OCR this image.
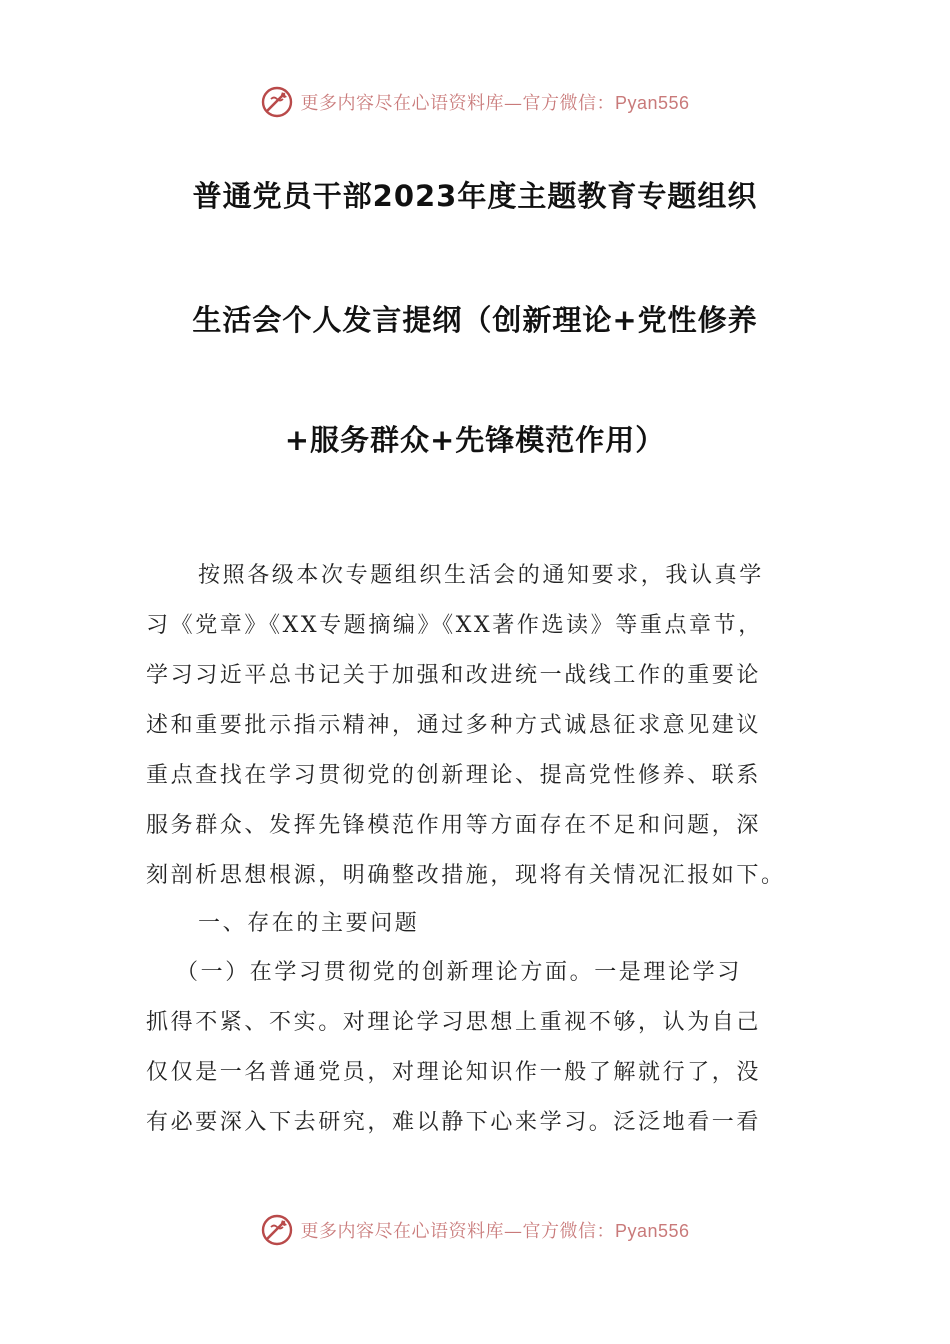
更多内容尽在心语资料库—官方微信：Pyan556
普通党员干部2023年度主题教育专题组织
生活会个人发言提纲（创新理论+党性修养
+服务群众+先锋模范作用）
按照各级本次专题组织生活会的通知要求，我认真学
习《党章》《XX专题摘编》《XX著作选读》等重点章节，
学习习近平总书记关于加强和改进统一战线工作的重要论
述和重要批示指示精神，通过多种方式诚恳征求意见建议
重点查找在学习贯彻党的创新理论、提高党性修养、联系
服务群众、发挥先锋模范作用等方面存在不足和问题，深
刻剖析思想根源，明确整改措施，现将有关情况汇报如下。
一、存在的主要问题
（一）在学习贯彻党的创新理论方面。一是理论学习
抓得不紧、不实。对理论学习思想上重视不够，认为自己
仅仅是一名普通党员，对理论知识作一般了解就行了，没
有必要深入下去研究，难以静下心来学习。泛泛地看一看
更多内容尽在心语资料库—官方微信：Pyan556
